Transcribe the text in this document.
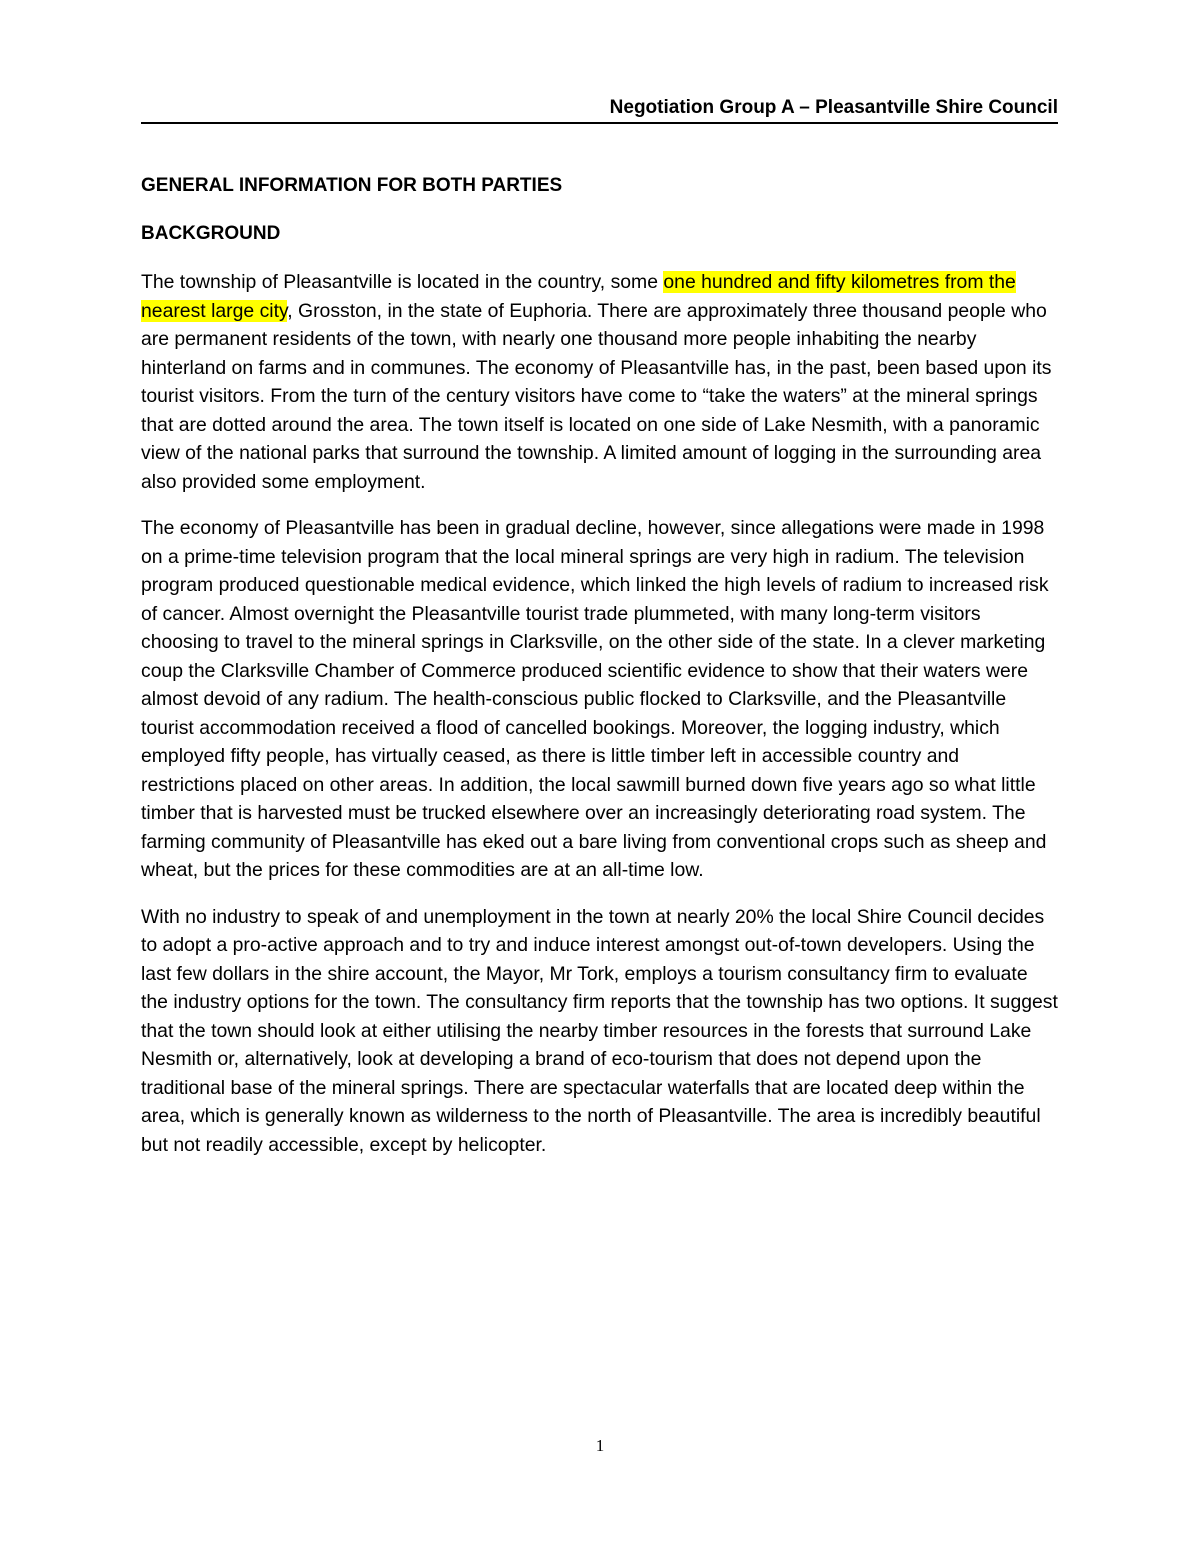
Negotiation Group A – Pleasantville Shire Council

GENERAL INFORMATION FOR BOTH PARTIES

BACKGROUND

The township of Pleasantville is located in the country, some one hundred and fifty kilometres from the nearest large city, Grosston, in the state of Euphoria. There are approximately three thousand people who are permanent residents of the town, with nearly one thousand more people inhabiting the nearby hinterland on farms and in communes. The economy of Pleasantville has, in the past, been based upon its tourist visitors. From the turn of the century visitors have come to “take the waters” at the mineral springs that are dotted around the area. The town itself is located on one side of Lake Nesmith, with a panoramic view of the national parks that surround the township. A limited amount of logging in the surrounding area also provided some employment.

The economy of Pleasantville has been in gradual decline, however, since allegations were made in 1998 on a prime-time television program that the local mineral springs are very high in radium. The television program produced questionable medical evidence, which linked the high levels of radium to increased risk of cancer. Almost overnight the Pleasantville tourist trade plummeted, with many long-term visitors choosing to travel to the mineral springs in Clarksville, on the other side of the state. In a clever marketing coup the Clarksville Chamber of Commerce produced scientific evidence to show that their waters were almost devoid of any radium. The health-conscious public flocked to Clarksville, and the Pleasantville tourist accommodation received a flood of cancelled bookings. Moreover, the logging industry, which employed fifty people, has virtually ceased, as there is little timber left in accessible country and restrictions placed on other areas. In addition, the local sawmill burned down five years ago so what little timber that is harvested must be trucked elsewhere over an increasingly deteriorating road system. The farming community of Pleasantville has eked out a bare living from conventional crops such as sheep and wheat, but the prices for these commodities are at an all-time low.

With no industry to speak of and unemployment in the town at nearly 20% the local Shire Council decides to adopt a pro-active approach and to try and induce interest amongst out-of-town developers. Using the last few dollars in the shire account, the Mayor, Mr Tork, employs a tourism consultancy firm to evaluate the industry options for the town. The consultancy firm reports that the township has two options. It suggest that the town should look at either utilising the nearby timber resources in the forests that surround Lake Nesmith or, alternatively, look at developing a brand of eco-tourism that does not depend upon the traditional base of the mineral springs. There are spectacular waterfalls that are located deep within the area, which is generally known as wilderness to the north of Pleasantville. The area is incredibly beautiful but not readily accessible, except by helicopter.

1
